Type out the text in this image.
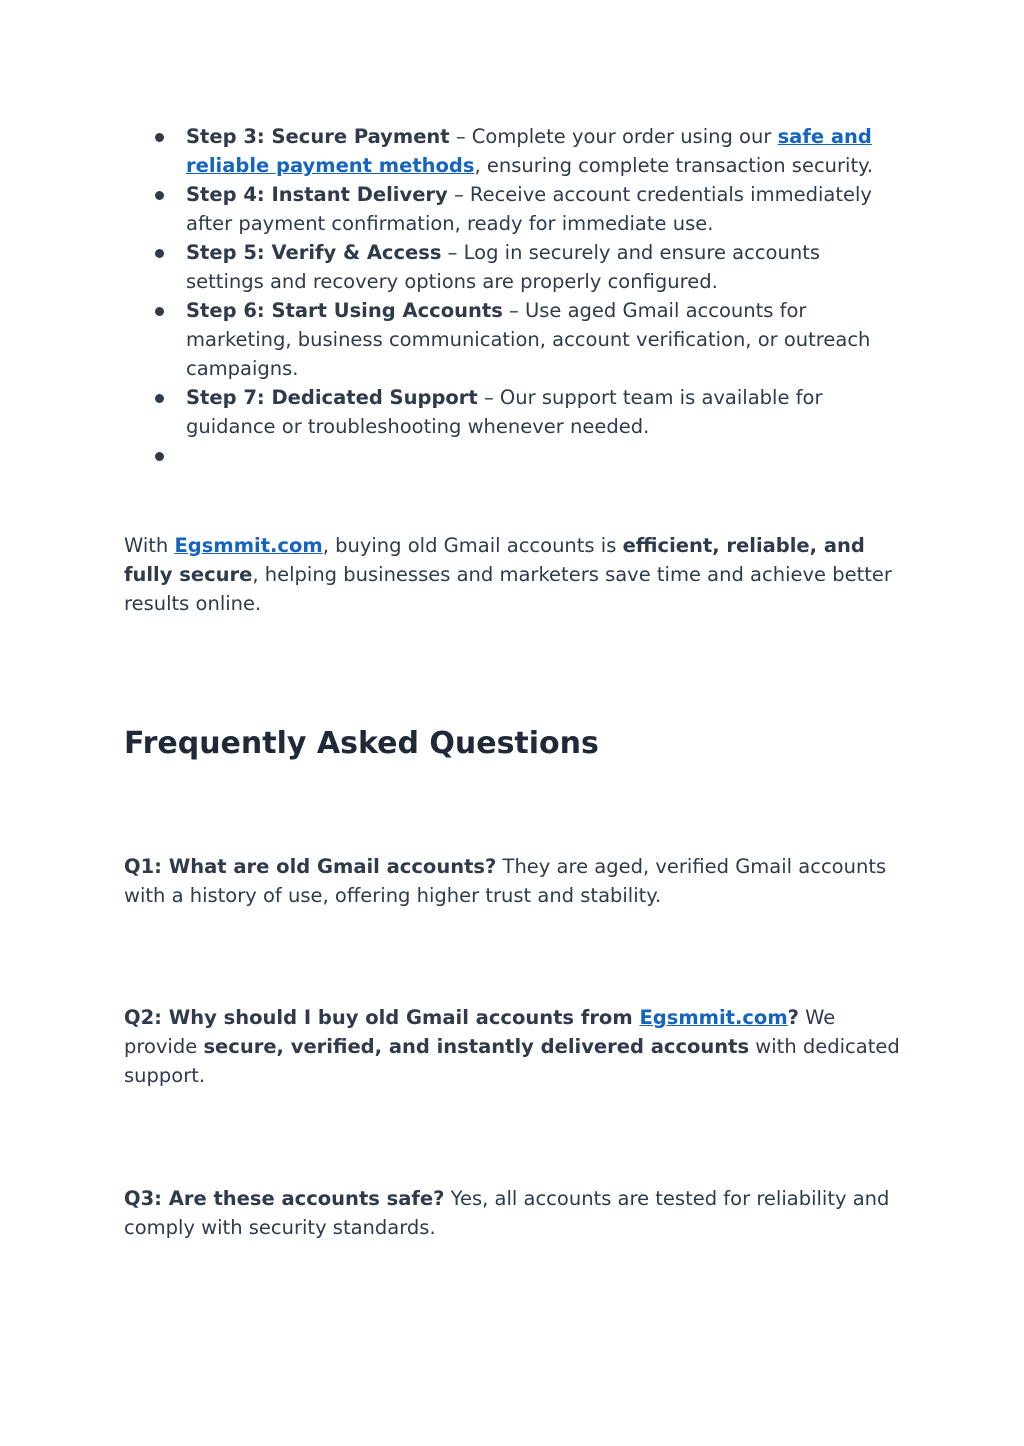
Step 3: Secure Payment – Complete your order using our safe and reliable payment methods, ensuring complete transaction security.
Step 4: Instant Delivery – Receive account credentials immediately after payment confirmation, ready for immediate use.
Step 5: Verify & Access – Log in securely and ensure accounts settings and recovery options are properly configured.
Step 6: Start Using Accounts – Use aged Gmail accounts for marketing, business communication, account verification, or outreach campaigns.
Step 7: Dedicated Support – Our support team is available for guidance or troubleshooting whenever needed.

With Egsmmit.com, buying old Gmail accounts is efficient, reliable, and fully secure, helping businesses and marketers save time and achieve better results online.

Frequently Asked Questions

Q1: What are old Gmail accounts? They are aged, verified Gmail accounts with a history of use, offering higher trust and stability.

Q2: Why should I buy old Gmail accounts from Egsmmit.com? We provide secure, verified, and instantly delivered accounts with dedicated support.

Q3: Are these accounts safe? Yes, all accounts are tested for reliability and comply with security standards.
